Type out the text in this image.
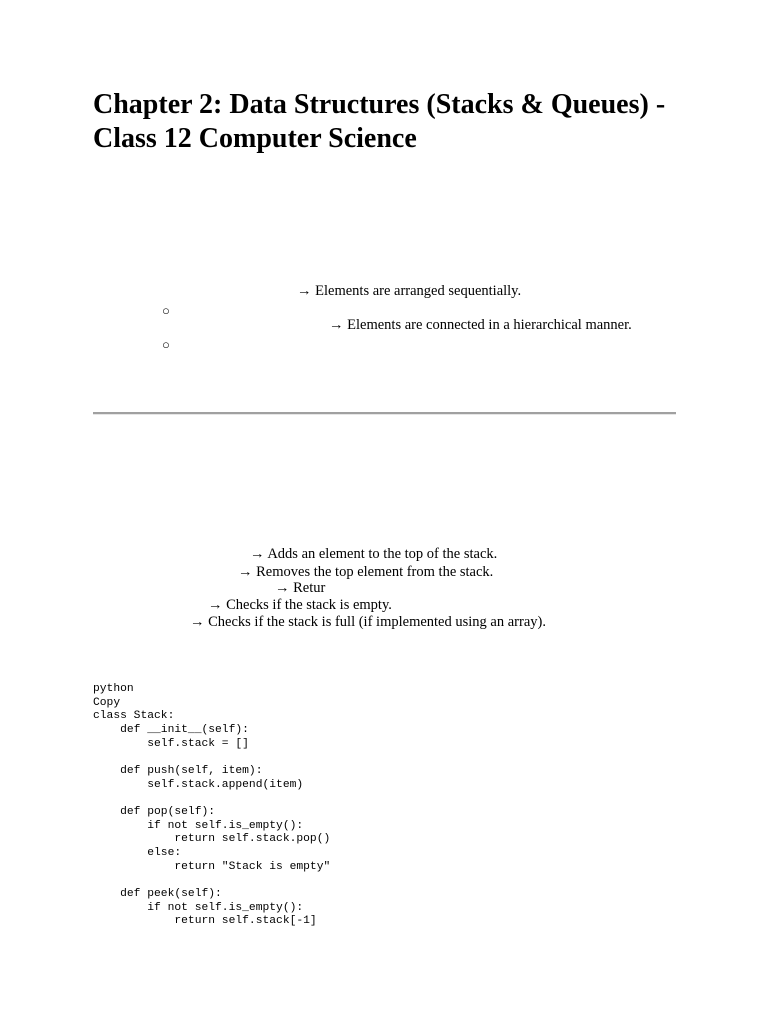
Chapter 2: Data Structures (Stacks & Queues) - Class 12 Computer Science

→ Elements are arranged sequentially.

○

→ Elements are connected in a hierarchical manner.

○

→ Adds an element to the top of the stack.

→ Removes the top element from the stack.

→ Retur

→ Checks if the stack is empty.

→ Checks if the stack is full (if implemented using an array).

python
Copy
class Stack:
def __init__(self):
self.stack = []

def push(self, item):
self.stack.append(item)

def pop(self):
if not self.is_empty():
return self.stack.pop()
else:
return "Stack is empty"

def peek(self):
if not self.is_empty():
return self.stack[-1]
